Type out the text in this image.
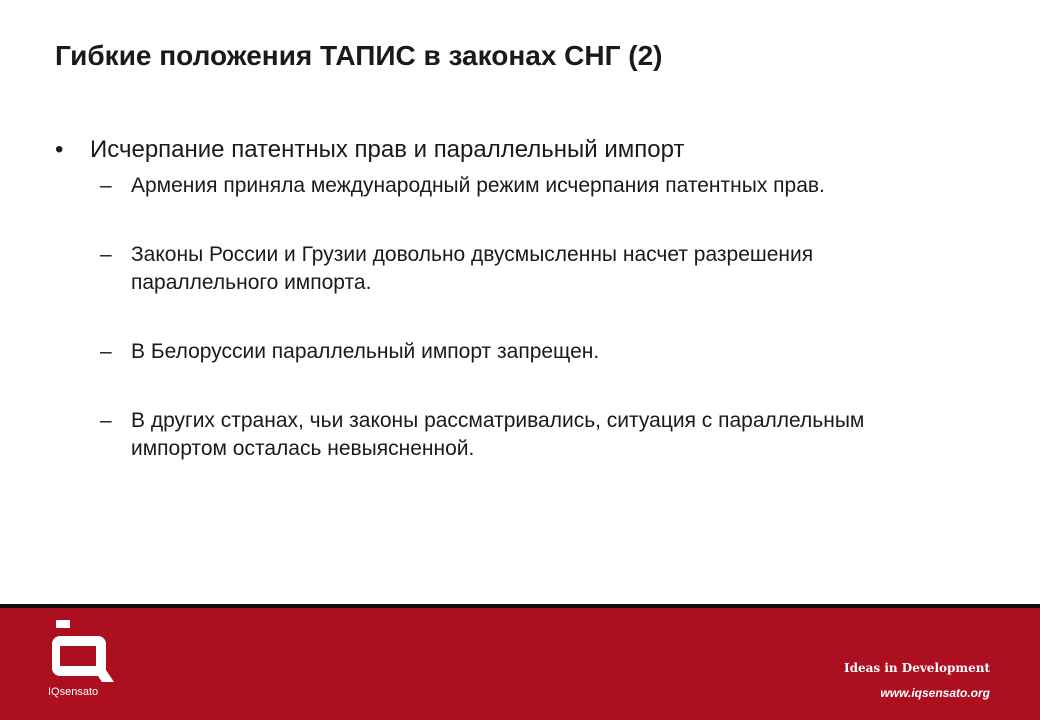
Гибкие положения ТАПИС в законах СНГ (2)
•	Исчерпание патентных прав и параллельный импорт
– Армения приняла международный режим исчерпания патентных прав.
– Законы России и Грузии довольно двусмысленны насчет разрешения параллельного импорта.
– В Белоруссии параллельный импорт запрещен.
– В других странах, чьи законы рассматривались, ситуация с параллельным импортом осталась невыясненной.
IQsensato
Ideas in Development
www.iqsensato.org
